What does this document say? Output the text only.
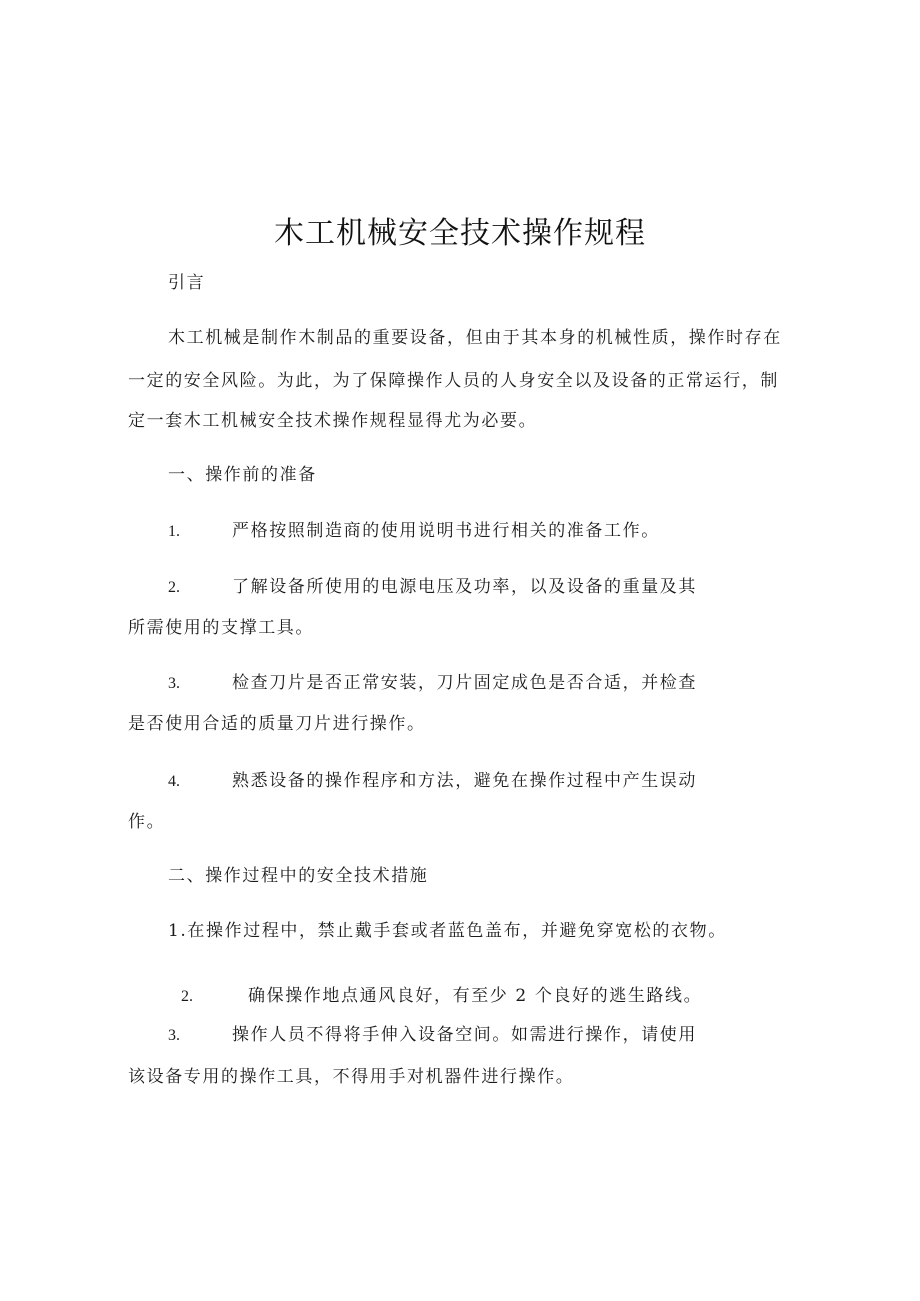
木工机械安全技术操作规程
引言
木工机械是制作木制品的重要设备，但由于其本身的机械性质，操作时存在
一定的安全风险。为此，为了保障操作人员的人身安全以及设备的正常运行，制
定一套木工机械安全技术操作规程显得尤为必要。
一、操作前的准备
1.	严格按照制造商的使用说明书进行相关的准备工作。
2.	了解设备所使用的电源电压及功率，以及设备的重量及其
所需使用的支撑工具。
3.	检查刀片是否正常安装，刀片固定成色是否合适，并检查
是否使用合适的质量刀片进行操作。
4.	熟悉设备的操作程序和方法，避免在操作过程中产生误动
作。
二、操作过程中的安全技术措施
1.在操作过程中，禁止戴手套或者蓝色盖布，并避免穿宽松的衣物。
2.	确保操作地点通风良好，有至少 2 个良好的逃生路线。
3.	操作人员不得将手伸入设备空间。如需进行操作，请使用
该设备专用的操作工具，不得用手对机器件进行操作。
